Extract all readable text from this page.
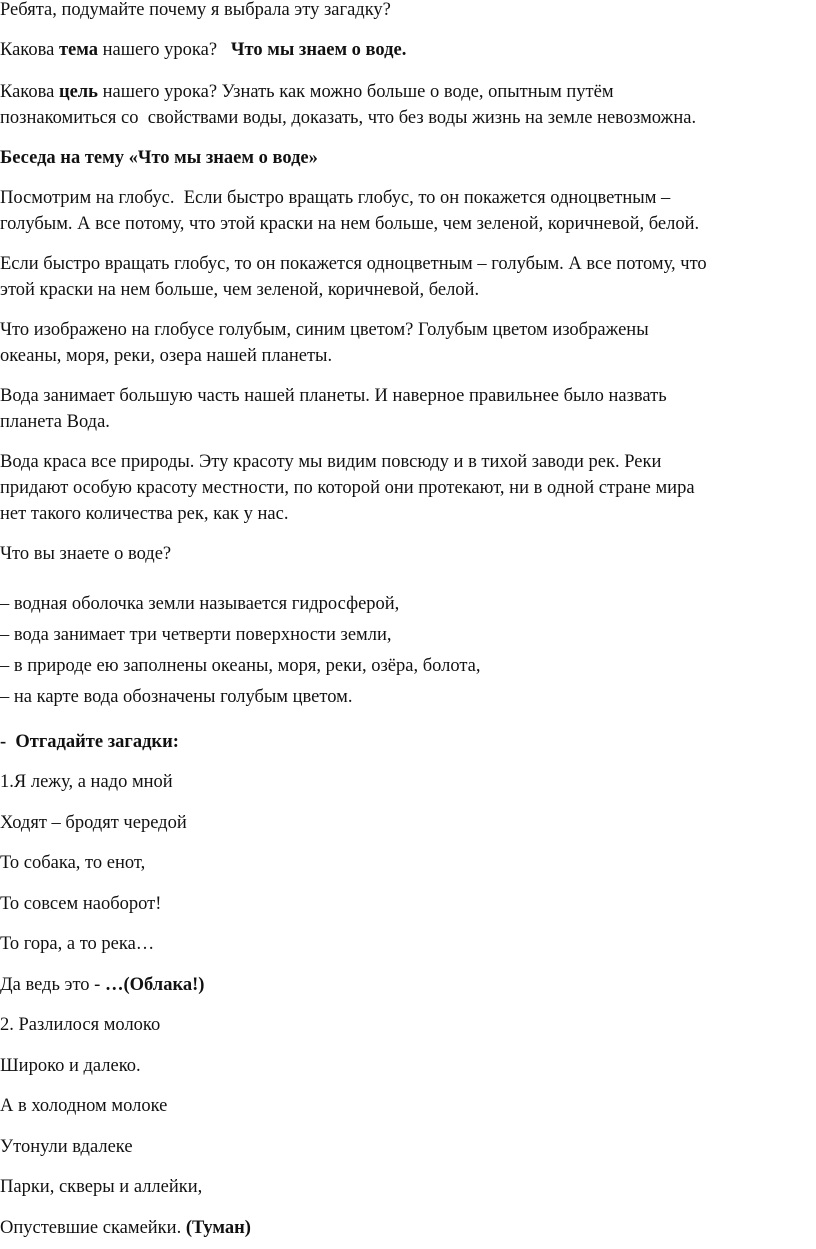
Ребята, подумайте почему я выбрала эту загадку?

Какова тема нашего урока?   Что мы знаем о воде.

Какова цель нашего урока? Узнать как можно больше о воде, опытным путём

познакомиться со  свойствами воды, доказать, что без воды жизнь на земле невозможна.

Беседа на тему «Что мы знаем о воде»

Посмотрим на глобус.  Если быстро вращать глобус, то он покажется одноцветным –

голубым. А все потому, что этой краски на нем больше, чем зеленой, коричневой, белой.

Если быстро вращать глобус, то он покажется одноцветным – голубым. А все потому, что

этой краски на нем больше, чем зеленой, коричневой, белой.

Что изображено на глобусе голубым, синим цветом? Голубым цветом изображены

океаны, моря, реки, озера нашей планеты.

Вода занимает большую часть нашей планеты. И наверное правильнее было назвать

планета Вода.

Вода краса все природы. Эту красоту мы видим повсюду и в тихой заводи рек. Реки

придают особую красоту местности, по которой они протекают, ни в одной стране мира

нет такого количества рек, как у нас.

Что вы знаете о воде?

– водная оболочка земли называется гидросферой,

– вода занимает три четверти поверхности земли,

– в природе ею заполнены океаны, моря, реки, озёра, болота,

– на карте вода обозначены голубым цветом.

-  Отгадайте загадки:

1.Я лежу, а надо мной

Ходят – бродят чередой

То собака, то енот,

То совсем наоборот!

То гора, а то река…

Да ведь это - …(Облака!)

2. Разлилося молоко

Широко и далеко.

А в холодном молоке

Утонули вдалеке

Парки, скверы и аллейки,

Опустевшие скамейки. (Туман)
